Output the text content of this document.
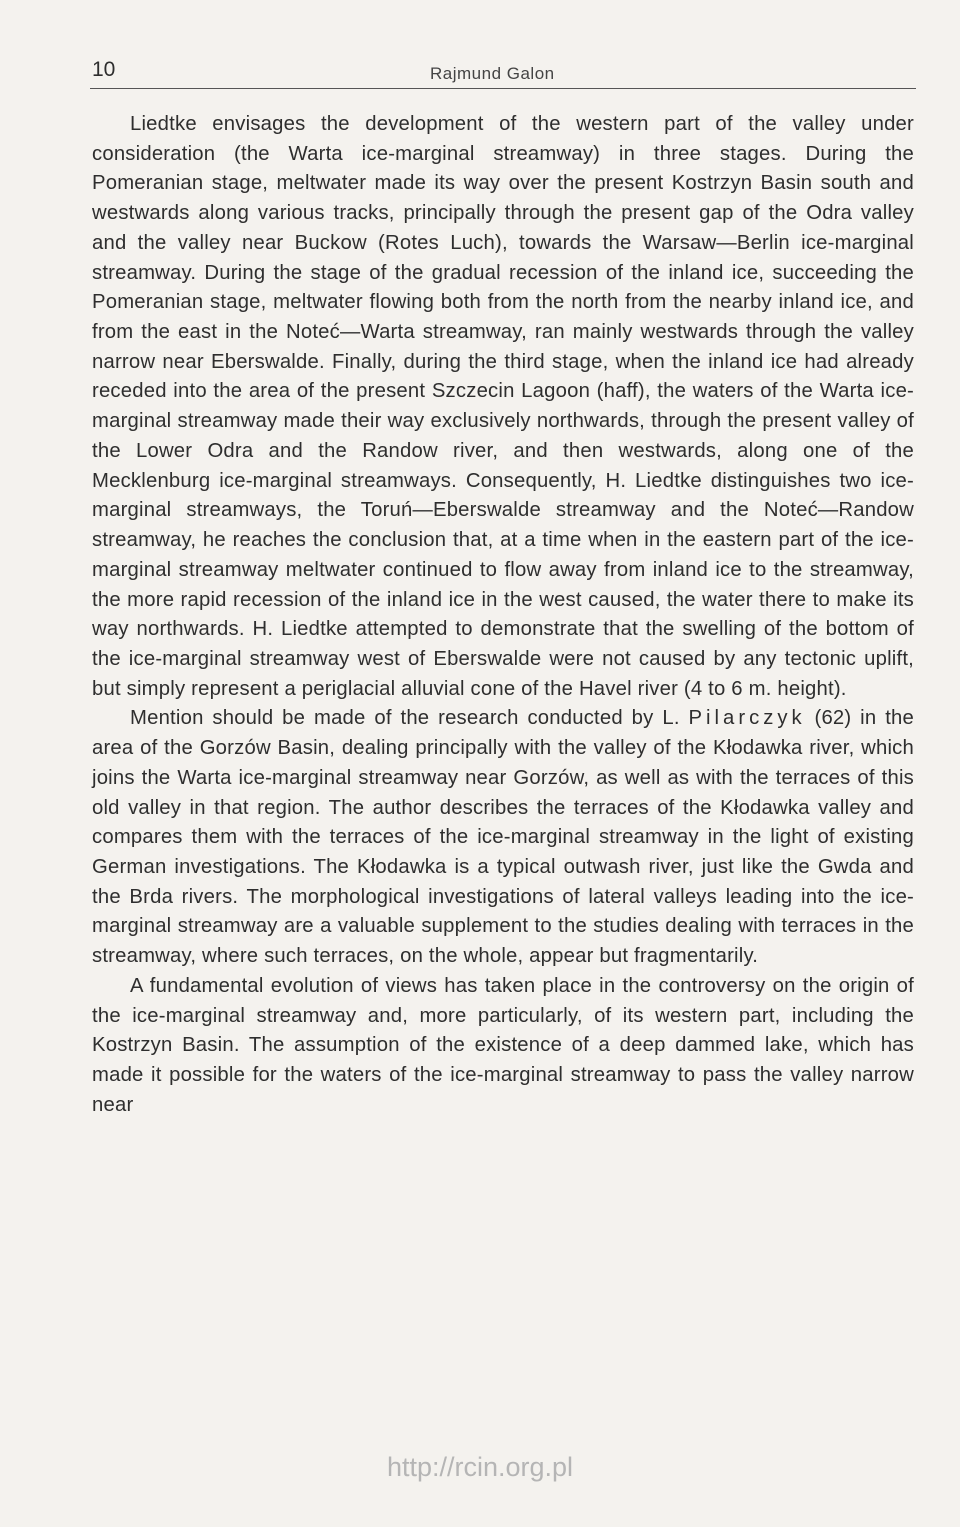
10	Rajmund Galon

Liedtke envisages the development of the western part of the valley under consideration (the Warta ice-marginal streamway) in three stages. During the Pomeranian stage, meltwater made its way over the present Kostrzyn Basin south and westwards along various tracks, principally through the present gap of the Odra valley and the valley near Buckow (Rotes Luch), towards the Warsaw—Berlin ice-marginal streamway. During the stage of the gradual recession of the inland ice, succeeding the Pomeranian stage, meltwater flowing both from the north from the nearby inland ice, and from the east in the Noteć—Warta streamway, ran mainly westwards through the valley narrow near Eberswalde. Finally, during the third stage, when the inland ice had already receded into the area of the present Szczecin Lagoon (haff), the waters of the Warta ice-marginal streamway made their way exclusively northwards, through the present valley of the Lower Odra and the Randow river, and then westwards, along one of the Mecklenburg ice-marginal streamways. Consequently, H. Liedtke distinguishes two ice-marginal streamways, the Toruń—Eberswalde streamway and the Noteć—Randow streamway, he reaches the conclusion that, at a time when in the eastern part of the ice-marginal streamway meltwater continued to flow away from inland ice to the streamway, the more rapid recession of the inland ice in the west caused, the water there to make its way northwards. H. Liedtke attempted to demonstrate that the swelling of the bottom of the ice-marginal streamway west of Eberswalde were not caused by any tectonic uplift, but simply represent a periglacial alluvial cone of the Havel river (4 to 6 m. height).

Mention should be made of the research conducted by L. Pilarczyk (62) in the area of the Gorzów Basin, dealing principally with the valley of the Kłodawka river, which joins the Warta ice-marginal streamway near Gorzów, as well as with the terraces of this old valley in that region. The author describes the terraces of the Kłodawka valley and compares them with the terraces of the ice-marginal streamway in the light of existing German investigations. The Kłodawka is a typical outwash river, just like the Gwda and the Brda rivers. The morphological investigations of lateral valleys leading into the ice-marginal streamway are a valuable supplement to the studies dealing with terraces in the streamway, where such terraces, on the whole, appear but fragmentarily.

A fundamental evolution of views has taken place in the controversy on the origin of the ice-marginal streamway and, more particularly, of its western part, including the Kostrzyn Basin. The assumption of the existence of a deep dammed lake, which has made it possible for the waters of the ice-marginal streamway to pass the valley narrow near

http://rcin.org.pl
